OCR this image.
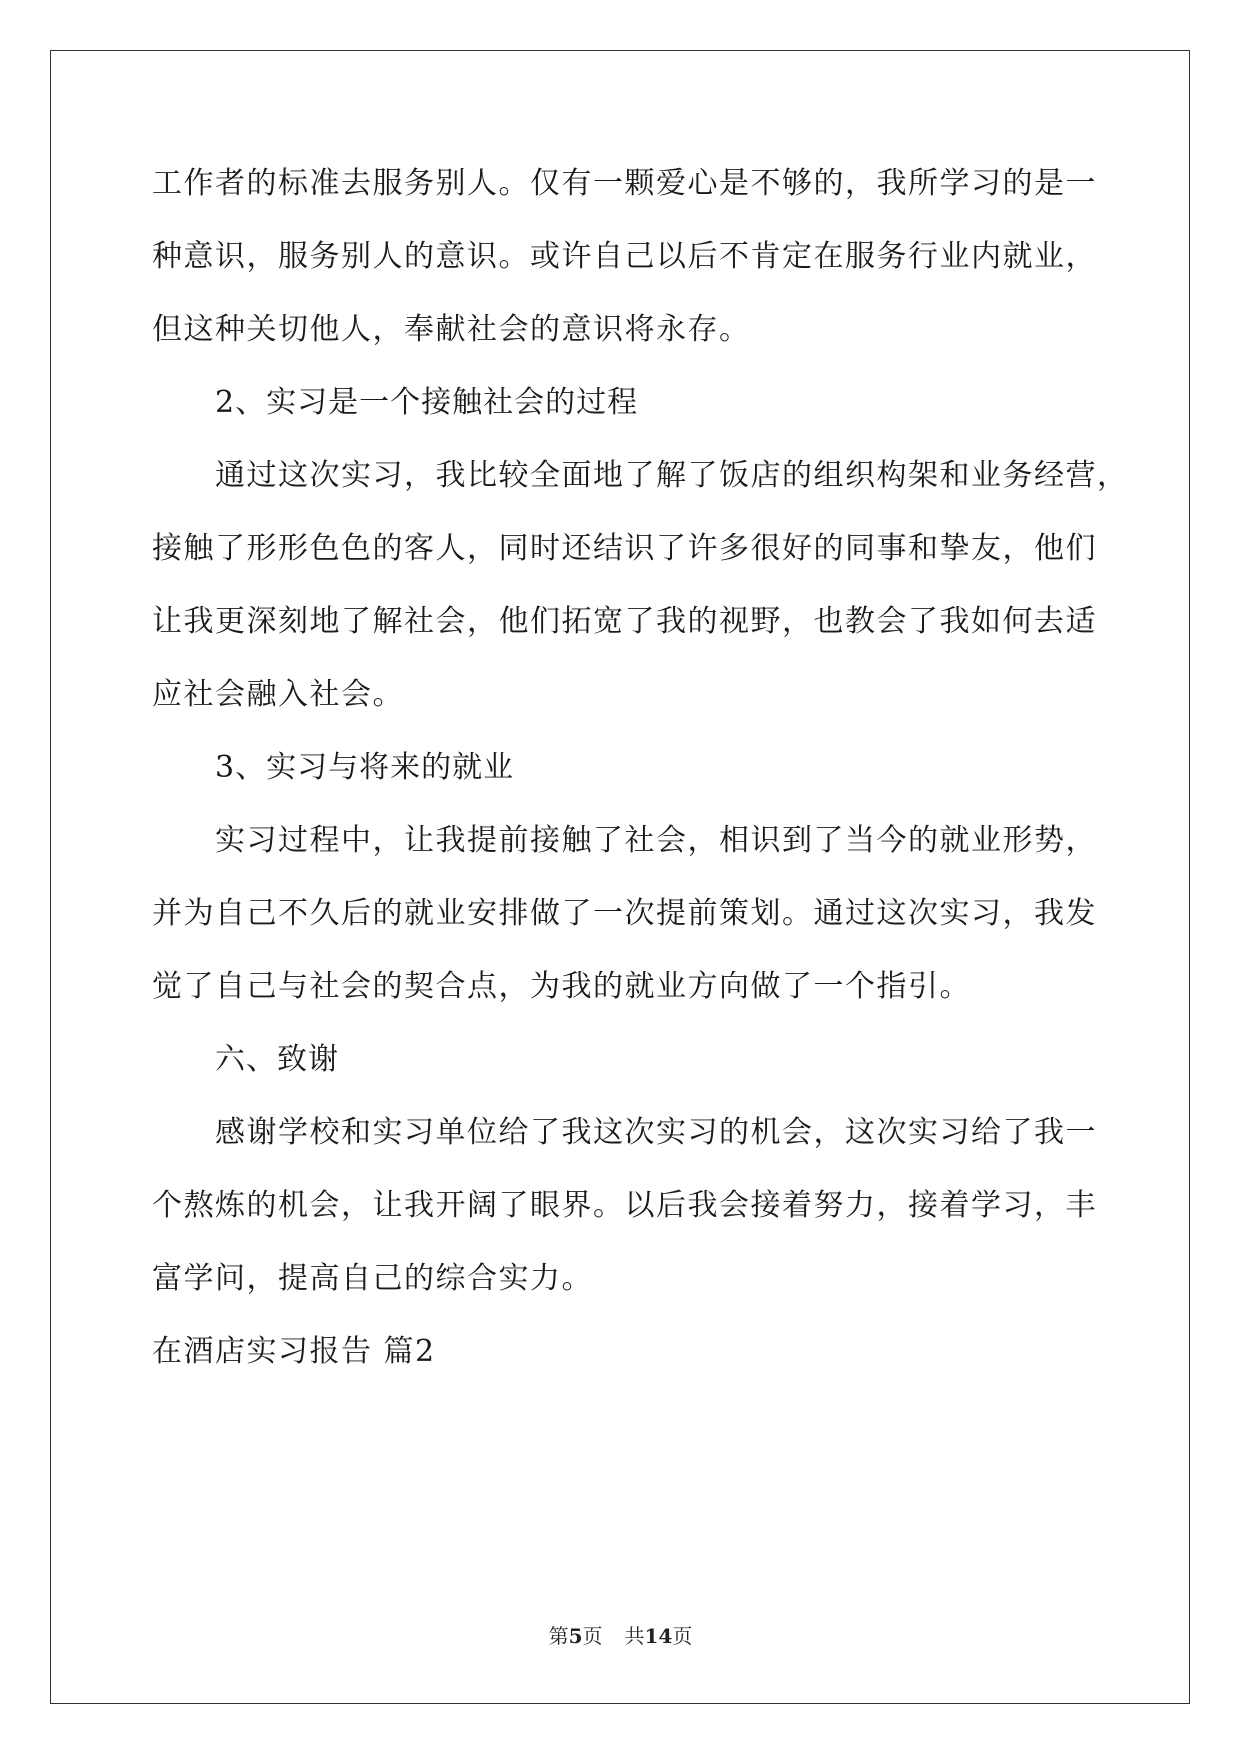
工作者的标准去服务别人。仅有一颗爱心是不够的，我所学习的是一
种意识，服务别人的意识。或许自己以后不肯定在服务行业内就业，
但这种关切他人，奉献社会的意识将永存。
2、实习是一个接触社会的过程
通过这次实习，我比较全面地了解了饭店的组织构架和业务经营，
接触了形形色色的客人，同时还结识了许多很好的同事和挚友，他们
让我更深刻地了解社会，他们拓宽了我的视野，也教会了我如何去适
应社会融入社会。
3、实习与将来的就业
实习过程中，让我提前接触了社会，相识到了当今的就业形势，
并为自己不久后的就业安排做了一次提前策划。通过这次实习，我发
觉了自己与社会的契合点，为我的就业方向做了一个指引。
六、致谢
感谢学校和实习单位给了我这次实习的机会，这次实习给了我一
个熬炼的机会，让我开阔了眼界。以后我会接着努力，接着学习，丰
富学问，提高自己的综合实力。
在酒店实习报告 篇2
第5页 共14页
